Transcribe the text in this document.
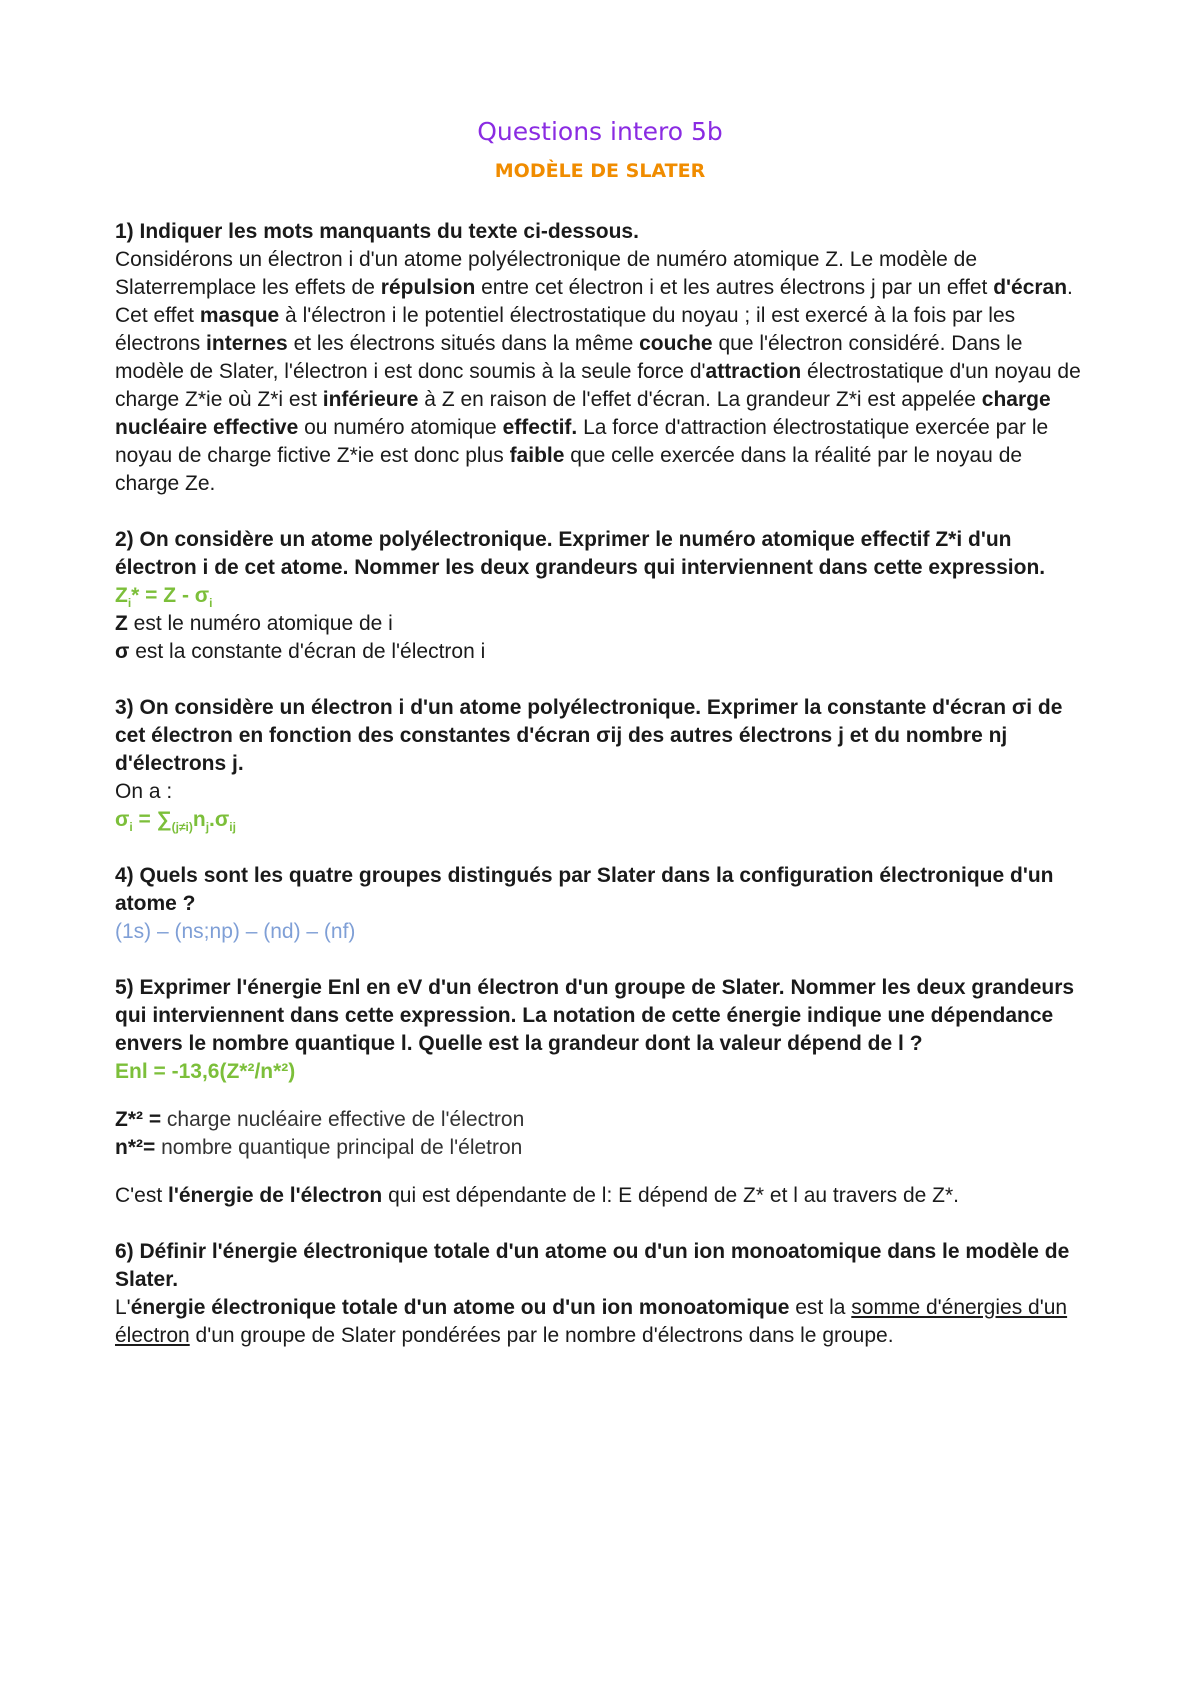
Questions intero 5b
MODÈLE DE SLATER

1) Indiquer les mots manquants du texte ci-dessous.

Considérons un électron i d'un atome polyélectronique de numéro atomique Z. Le modèle de Slaterremplace les effets de répulsion entre cet électron i et les autres électrons j par un effet d'écran. Cet effet masque à l'électron i le potentiel électrostatique du noyau ; il est exercé à la fois par les électrons internes et les électrons situés dans la même couche que l'électron considéré. Dans le modèle de Slater, l'électron i est donc soumis à la seule force d'attraction électrostatique d'un noyau de charge Z*ie où Z*i est inférieure à Z en raison de l'effet d'écran. La grandeur Z*i est appelée charge nucléaire effective ou numéro atomique effectif. La force d'attraction électrostatique exercée par le noyau de charge fictive Z*ie est donc plus faible que celle exercée dans la réalité par le noyau de charge Ze.

2) On considère un atome polyélectronique. Exprimer le numéro atomique effectif Z*i d'un électron i de cet atome. Nommer les deux grandeurs qui interviennent dans cette expression.

$Z_i* = Z - \sigma_i$

Z est le numéro atomique de i

σ est la constante d'écran de l'électron i

3) On considère un électron i d'un atome polyélectronique. Exprimer la constante d'écran σi de cet électron en fonction des constantes d'écran σij des autres électrons j et du nombre nj d'électrons j.

On a :

$\sigma_i = \sum_{(j\ne i)}n_j.\sigma_{ij}$

4) Quels sont les quatre groupes distingués par Slater dans la configuration électronique d'un atome ?

(1s) – (ns;np) – (nd) – (nf)

5) Exprimer l'énergie Enl en eV d'un électron d'un groupe de Slater. Nommer les deux grandeurs qui interviennent dans cette expression. La notation de cette énergie indique une dépendance envers le nombre quantique l. Quelle est la grandeur dont la valeur dépend de l ?

Enl = -13,6(Z*²/n*²)

Z*² = charge nucléaire effective de l'électron

n*²= nombre quantique principal de l'életron

C'est l'énergie de l'électron qui est dépendante de l: E dépend de Z* et l au travers de Z*.

6) Définir l'énergie électronique totale d'un atome ou d'un ion monoatomique dans le modèle de Slater.

L'énergie électronique totale d'un atome ou d'un ion monoatomique est la somme d'énergies d'un électron d'un groupe de Slater pondérées par le nombre d'électrons dans le groupe.
